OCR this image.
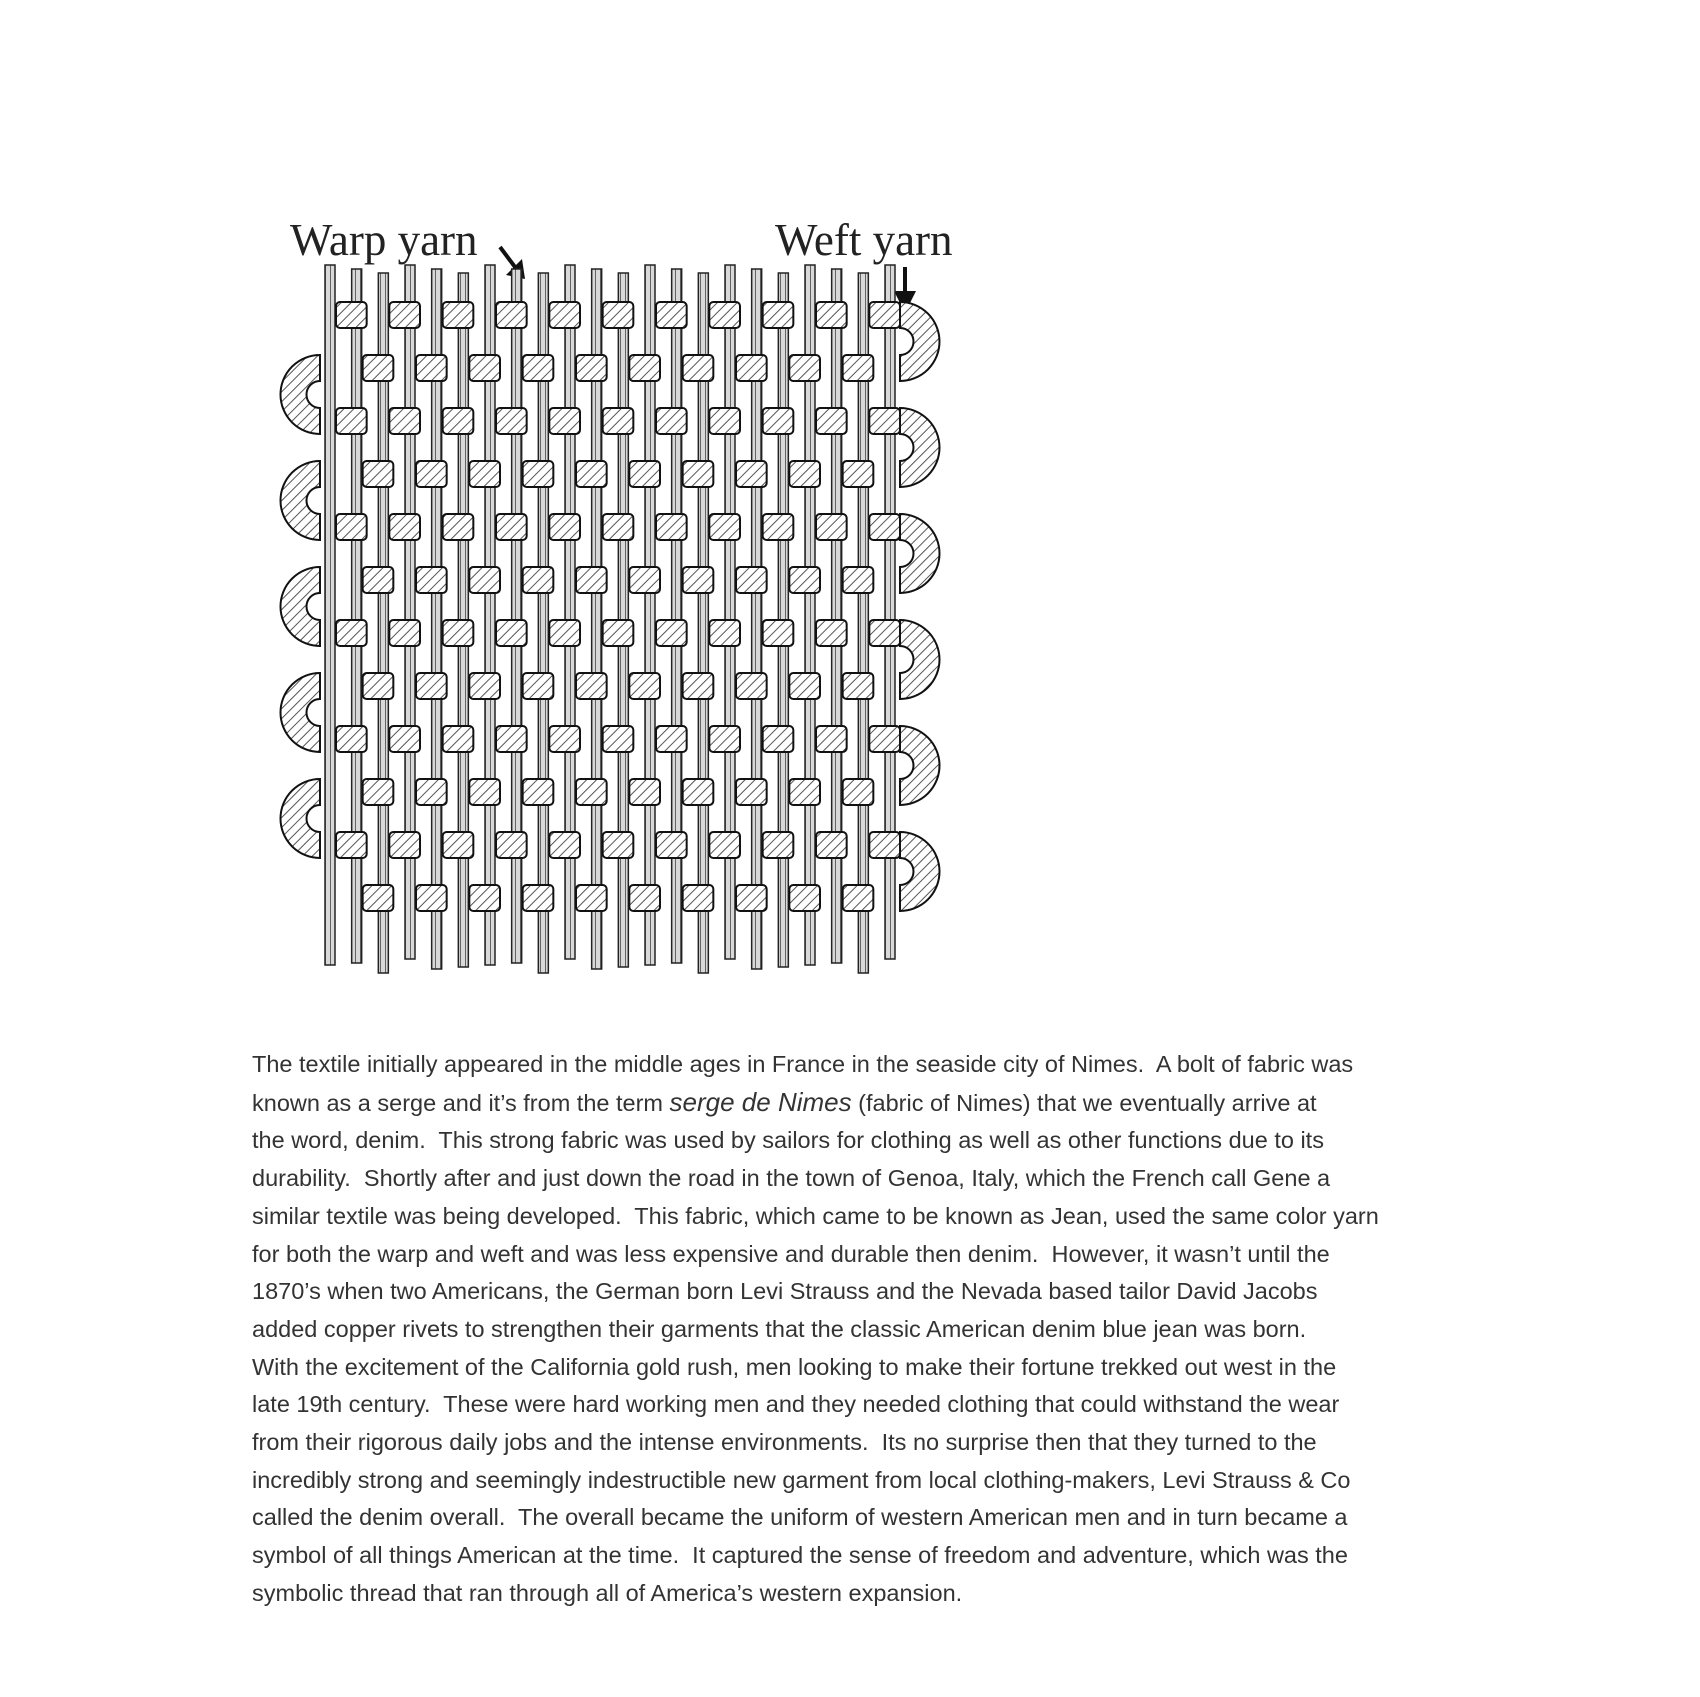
Warp yarn	Weft yarn
The textile initially appeared in the middle ages in France in the seaside city of Nimes.  A bolt of fabric was
known as a serge and it’s from the term serge de Nimes (fabric of Nimes) that we eventually arrive at
the word, denim.  This strong fabric was used by sailors for clothing as well as other functions due to its
durability.  Shortly after and just down the road in the town of Genoa, Italy, which the French call Gene a
similar textile was being developed.  This fabric, which came to be known as Jean, used the same color yarn
for both the warp and weft and was less expensive and durable then denim.  However, it wasn’t until the
1870’s when two Americans, the German born Levi Strauss and the Nevada based tailor David Jacobs
added copper rivets to strengthen their garments that the classic American denim blue jean was born.
With the excitement of the California gold rush, men looking to make their fortune trekked out west in the
late 19th century.  These were hard working men and they needed clothing that could withstand the wear
from their rigorous daily jobs and the intense environments.  Its no surprise then that they turned to the
incredibly strong and seemingly indestructible new garment from local clothing-makers, Levi Strauss & Co
called the denim overall.  The overall became the uniform of western American men and in turn became a
symbol of all things American at the time.  It captured the sense of freedom and adventure, which was the
symbolic thread that ran through all of America’s western expansion.
